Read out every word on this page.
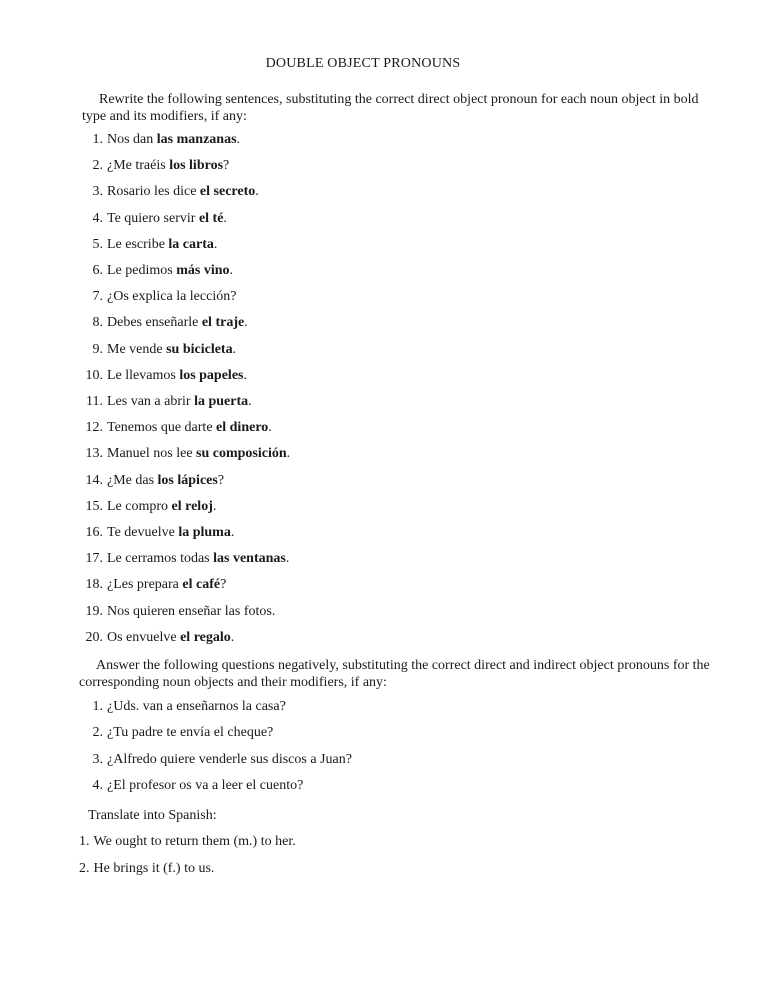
DOUBLE OBJECT PRONOUNS

Rewrite the following sentences, substituting the correct direct object pronoun for each noun object in bold type and its modifiers, if any:

1. Nos dan las manzanas.
2. ¿Me traéis los libros?
3. Rosario les dice el secreto.
4. Te quiero servir el té.
5. Le escribe la carta.
6. Le pedimos más vino.
7. ¿Os explica la lección?
8. Debes enseñarle el traje.
9. Me vende su bicicleta.
10. Le llevamos los papeles.
11. Les van a abrir la puerta.
12. Tenemos que darte el dinero.
13. Manuel nos lee su composición.
14. ¿Me das los lápices?
15. Le compro el reloj.
16. Te devuelve la pluma.
17. Le cerramos todas las ventanas.
18. ¿Les prepara el café?
19. Nos quieren enseñar las fotos.
20. Os envuelve el regalo.

Answer the following questions negatively, substituting the correct direct and indirect object pronouns for the corresponding noun objects and their modifiers, if any:

1. ¿Uds. van a enseñarnos la casa?
2. ¿Tu padre te envía el cheque?
3. ¿Alfredo quiere venderle sus discos a Juan?
4. ¿El profesor os va a leer el cuento?
Translate into Spanish:
1. We ought to return them (m.) to her.
2. He brings it (f.) to us.
